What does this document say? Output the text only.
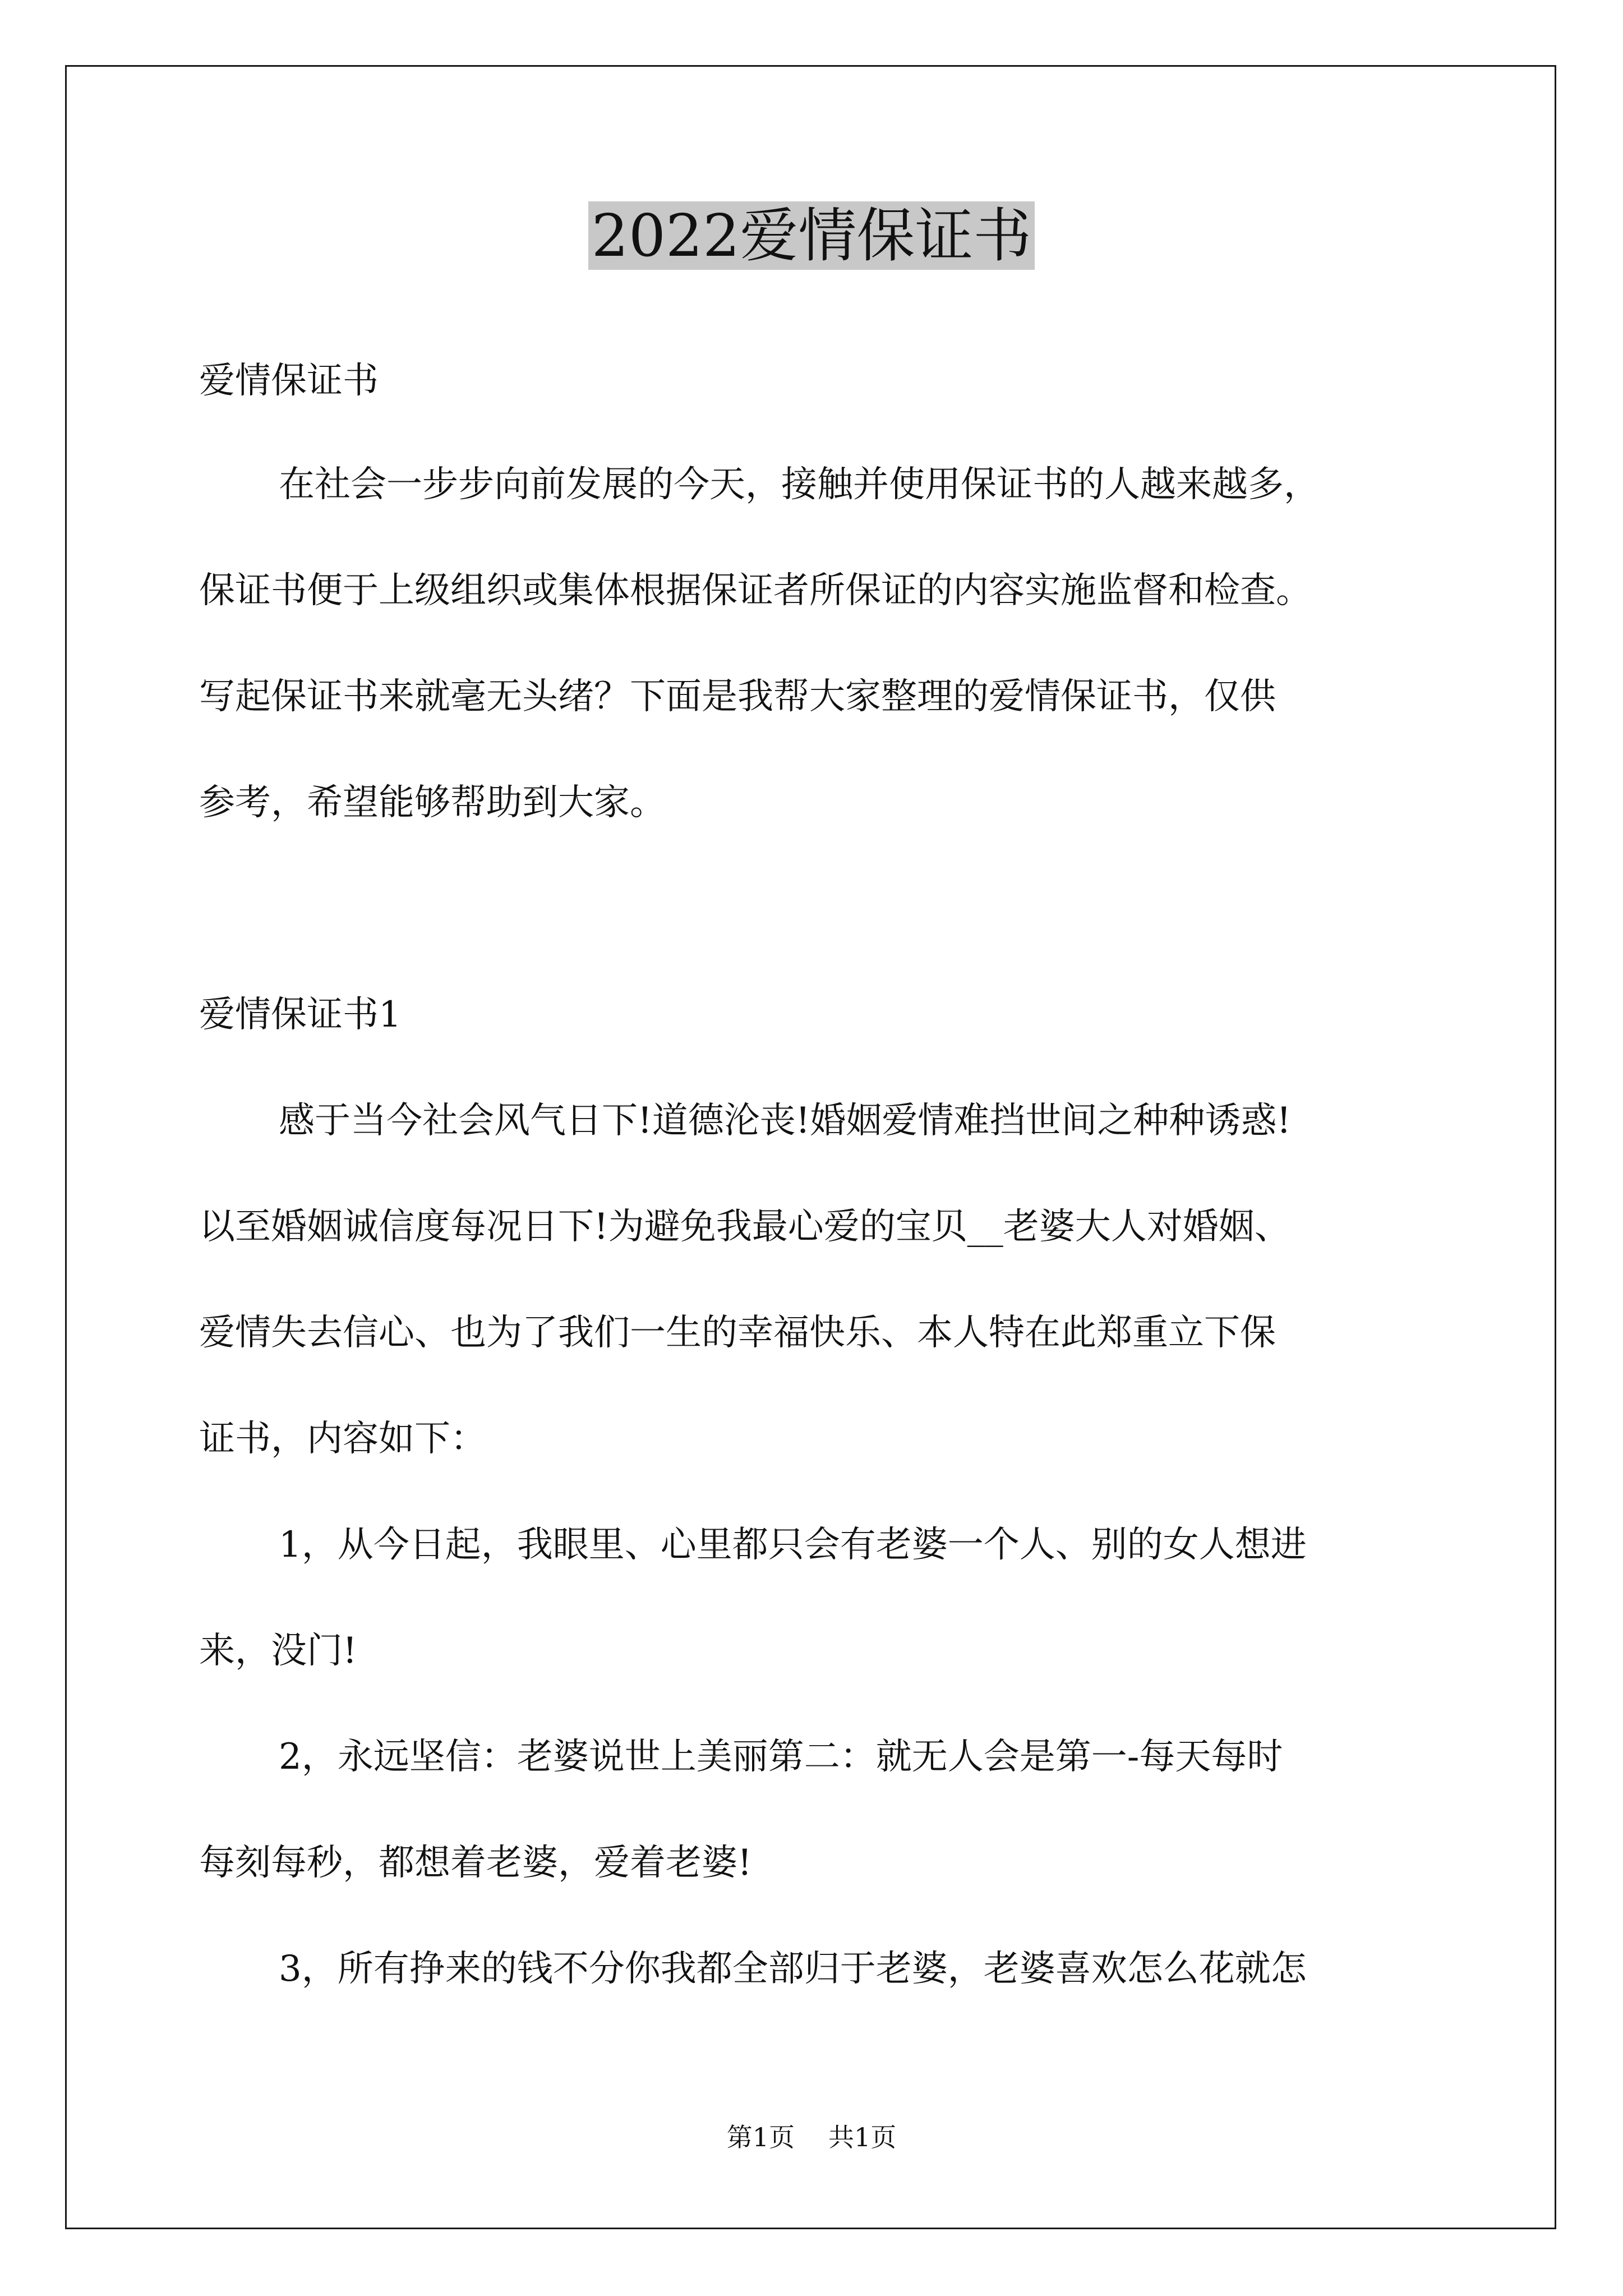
2022爱情保证书

爱情保证书

在社会一步步向前发展的今天，接触并使用保证书的人越来越多，

保证书便于上级组织或集体根据保证者所保证的内容实施监督和检查。

写起保证书来就毫无头绪？下面是我帮大家整理的爱情保证书，仅供

参考，希望能够帮助到大家。

爱情保证书1

感于当今社会风气日下!道德沦丧!婚姻爱情难挡世间之种种诱惑!

以至婚姻诚信度每况日下!为避免我最心爱的宝贝__老婆大人对婚姻、

爱情失去信心、也为了我们一生的幸福快乐、本人特在此郑重立下保

证书，内容如下：

1，从今日起，我眼里、心里都只会有老婆一个人、别的女人想进

来，没门!

2，永远坚信：老婆说世上美丽第二：就无人会是第一-每天每时

每刻每秒，都想着老婆，爱着老婆!

3，所有挣来的钱不分你我都全部归于老婆，老婆喜欢怎么花就怎

第1页 共1页
